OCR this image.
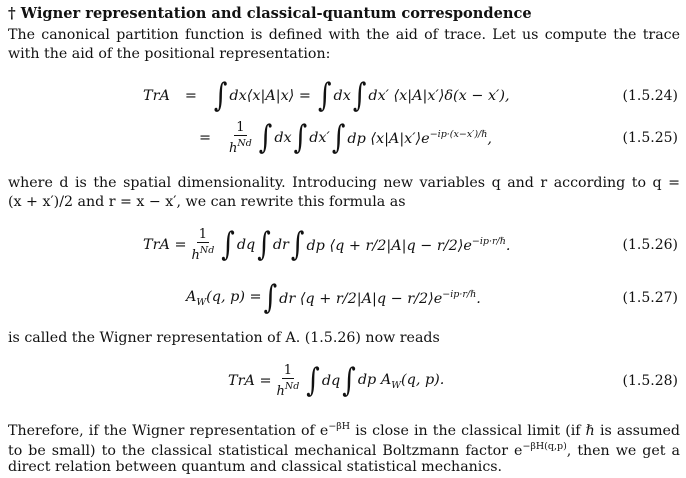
† Wigner representation and classical-quantum correspondence
The canonical partition function is defined with the aid of trace. Let us compute the trace
with the aid of the positional representation:
TrA	= ∫ dx⟨x|A|x⟩ = ∫ dx ∫ dx′ ⟨x|A|x′⟩δ(x − x′),	(1.5.24)
=	$\frac{1}{h^{Nd}}$ ∫ dx ∫ dx′ ∫ dp $⟨x|A|x'⟩e^{-ip\cdot(x-x')/\hbar}$,	(1.5.25)
where d is the spatial dimensionality. Introducing new variables q and r according to q =
(x + x′)/2 and r = x − x′, we can rewrite this formula as
TrA = $\frac{1}{h^{Nd}}$ ∫ dq ∫ dr ∫ dp ⟨q + $r/2|A|q - r/2⟩e^{-ip\cdot r/\hbar}$.	(1.5.26)
$A_W(q$, p) = ∫ dr ⟨q + $r/2|A|q - r/2⟩e^{-ip\cdot r/\hbar}$.	(1.5.27)
is called the Wigner representation of A. (1.5.26) now reads
TrA = $\frac{1}{h^{Nd}}$ ∫ dq ∫ dp $A_W(q$, p).	(1.5.28)
Therefore, if the Wigner representation of $e^{-\beta H}$ is close in the classical limit (if ℏ is assumed
to be small) to the classical statistical mechanical Boltzmann factor $e^{-\beta H(q,p)}$, then we get a
direct relation between quantum and classical statistical mechanics.
